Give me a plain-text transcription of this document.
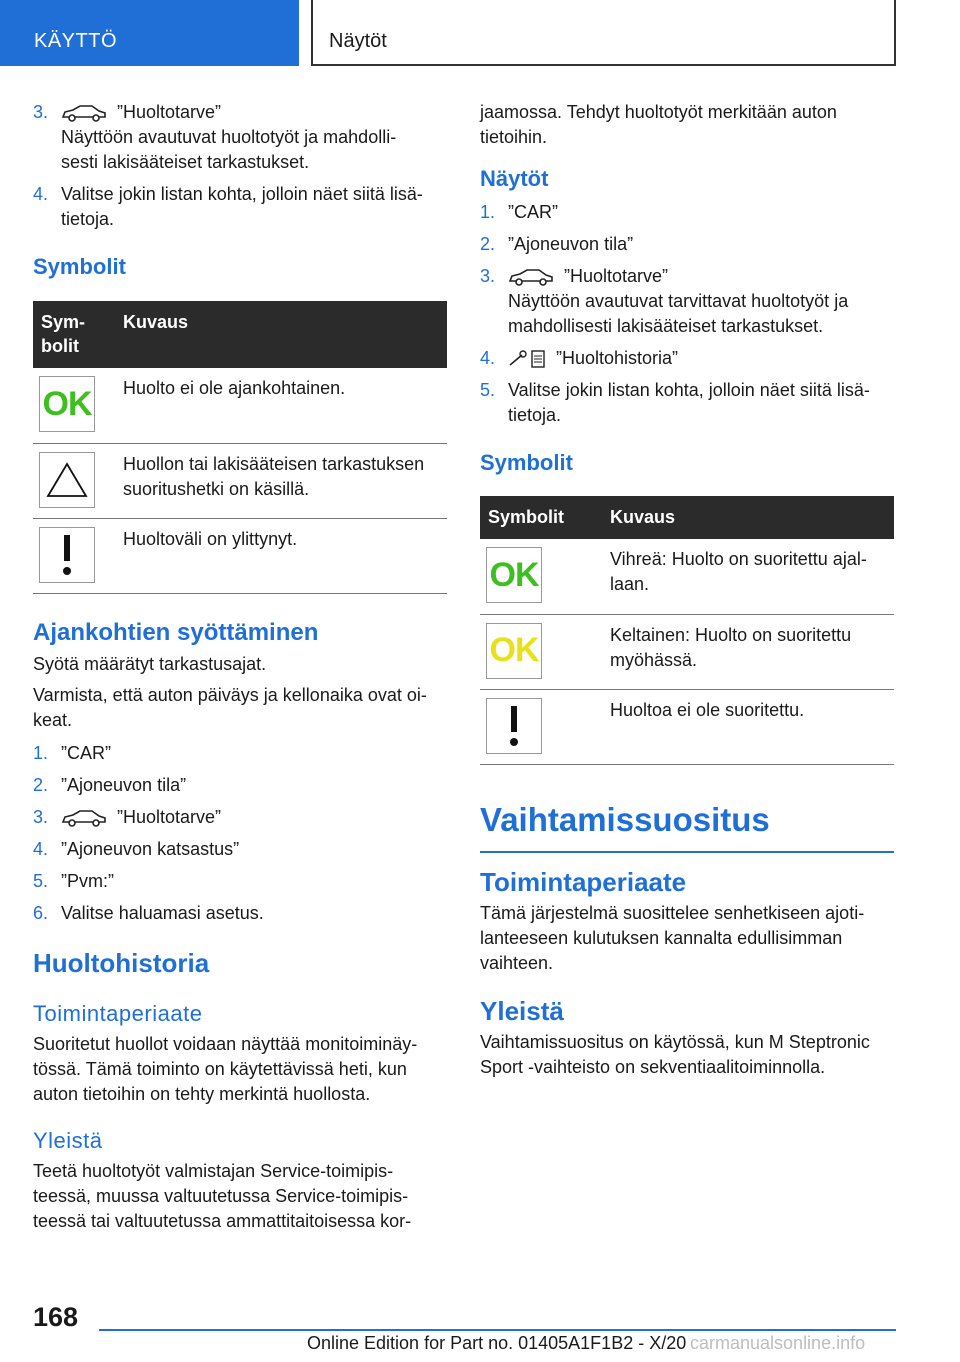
KÄYTTÖ	Näytöt
3.	”Huoltotarve”
Näyttöön avautuvat huoltotyöt ja mahdolli-
sesti lakisääteiset tarkastukset.
4. Valitse jokin listan kohta, jolloin näet siitä lisä-
tietoja.
Symbolit
Sym-
bolit	Kuvaus

OK	Huolto ei ole ajankohtainen.

	Huollon tai lakisääteisen tarkastuksen suoritushetki on käsillä.

	Huoltoväli on ylittynyt.
Ajankohtien syöttäminen

Syötä määrätyt tarkastusajat.

Varmista, että auton päiväys ja kellonaika ovat oi-
keat.

1. ”CAR”
2. ”Ajoneuvon tila”
3.	”Huoltotarve”
4. ”Ajoneuvon katsastus”
5. ”Pvm:”
6. Valitse haluamasi asetus.
Huoltohistoria
Toimintaperiaate

Suoritetut huollot voidaan näyttää monitoiminäy-
tössä. Tämä toiminto on käytettävissä heti, kun
auton tietoihin on tehty merkintä huollosta.

Yleistä

Teetä huoltotyöt valmistajan Service-toimipis-
teessä, muussa valtuutetussa Service-toimipis-
teessä tai valtuutetussa ammattitaitoisessa kor-

jaamossa. Tehdyt huoltotyöt merkitään auton
tietoihin.

Näytöt
1. ”CAR”
2. ”Ajoneuvon tila”
3.	”Huoltotarve”
Näyttöön avautuvat tarvittavat huoltotyöt ja
mahdollisesti lakisääteiset tarkastukset.
4.	”Huoltohistoria”
5. Valitse jokin listan kohta, jolloin näet siitä lisä-
tietoja.
Symbolit
Symbolit	Kuvaus

OK	Vihreä: Huolto on suoritettu ajal-
laan.

OK	Keltainen: Huolto on suoritettu
myöhässä.

	Huoltoa ei ole suoritettu.
Vaihtamissuositus
Toimintaperiaate

Tämä järjestelmä suosittelee senhetkiseen ajoti-
lanteeseen kulutuksen kannalta edullisimman
vaihteen.

Yleistä

Vaihtamissuositus on käytössä, kun M Steptronic
Sport -vaihteisto on sekventiaalitoiminnolla.

168
Online Edition for Part no. 01405A1F1B2 - X/20 carmanualsonline.info
